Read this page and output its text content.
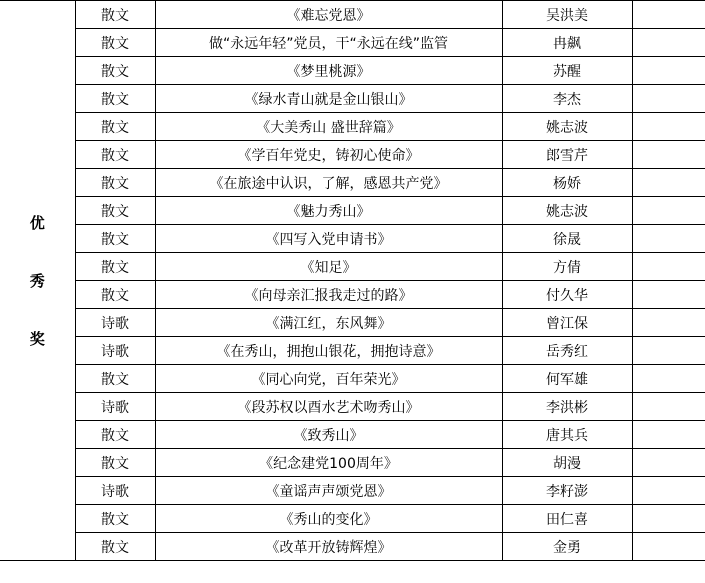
优
秀
奖	散文	《难忘党恩》	吴洪美	
	散文	做“永远年轻”党员，干“永远在线”监管	冉飙	
	散文	《梦里桃源》	苏醒	
	散文	《绿水青山就是金山银山》	李杰	
	散文	《大美秀山 盛世辞篇》	姚志波	
	散文	《学百年党史，铸初心使命》	郎雪芹	
	散文	《在旅途中认识，了解，感恩共产党》	杨娇	
	散文	《魅力秀山》	姚志波	
	散文	《四写入党申请书》	徐晟	
	散文	《知足》	方倩	
	散文	《向母亲汇报我走过的路》	付久华	
	诗歌	《满江红，东风舞》	曾江保	
	诗歌	《在秀山，拥抱山银花，拥抱诗意》	岳秀红	
	散文	《同心向党，百年荣光》	何军雄	
	诗歌	《段苏权以酉水艺术吻秀山》	李洪彬	
	散文	《致秀山》	唐其兵	
	散文	《纪念建党100周年》	胡漫	
	诗歌	《童谣声声颂党恩》	李籽澎	
	散文	《秀山的变化》	田仁喜	
	散文	《改革开放铸辉煌》	金勇	
